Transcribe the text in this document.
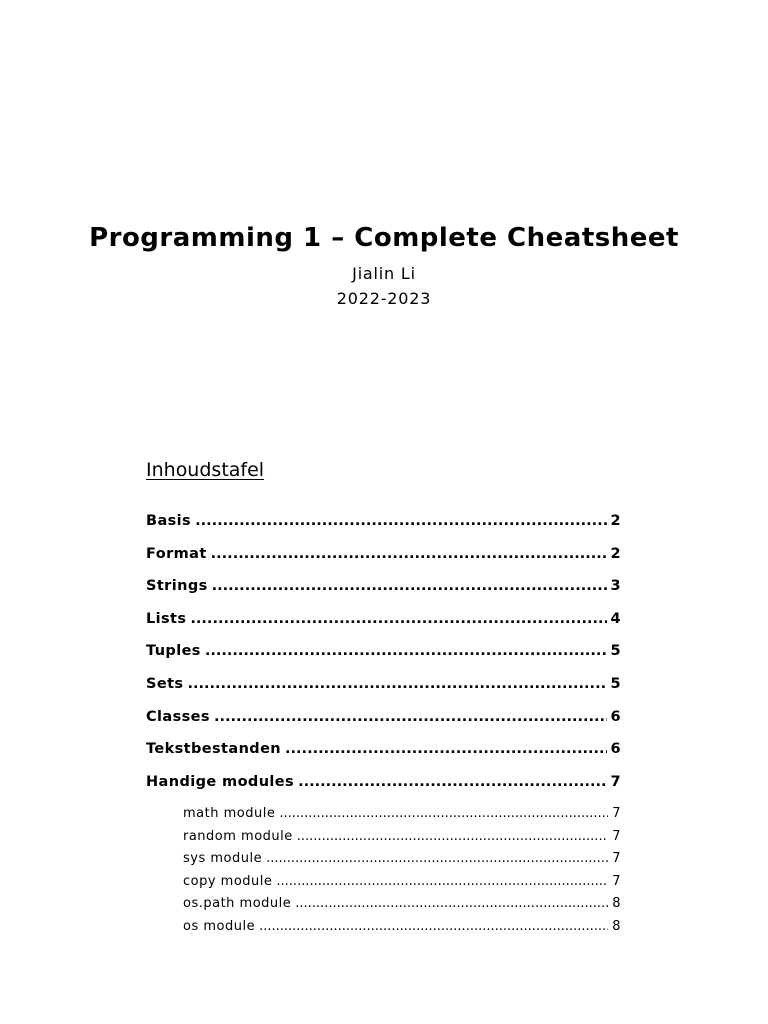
Programming 1 – Complete Cheatsheet
Jialin Li
2022-2023
Inhoudstafel
Basis .....	2
Format .....	2
Strings .....	3
Lists .....	4
Tuples .....	5
Sets .....	5
Classes .....	6
Tekstbestanden .....	6
Handige modules .....	7
math module .....	7
random module .....	7
sys module .....	7
copy module .....	7
os.path module .....	8
os module .....	8
